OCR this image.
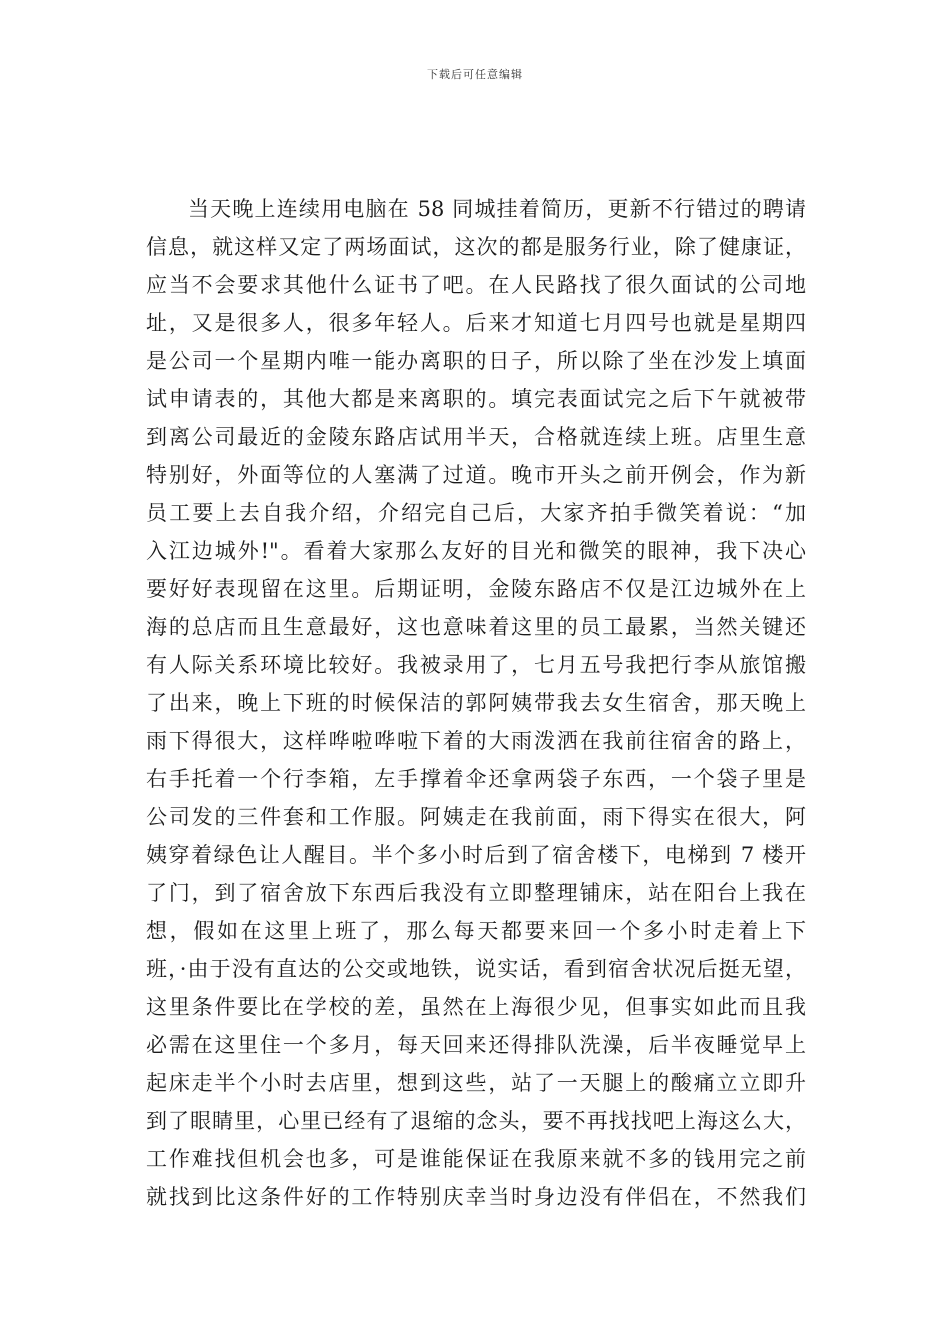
下载后可任意编辑
当天晚上连续用电脑在 58 同城挂着简历，更新不行错过的聘请
信息，就这样又定了两场面试，这次的都是服务行业，除了健康证，
应当不会要求其他什么证书了吧。在人民路找了很久面试的公司地
址，又是很多人，很多年轻人。后来才知道七月四号也就是星期四
是公司一个星期内唯一能办离职的日子，所以除了坐在沙发上填面
试申请表的，其他大都是来离职的。填完表面试完之后下午就被带
到离公司最近的金陵东路店试用半天，合格就连续上班。店里生意
特别好，外面等位的人塞满了过道。晚市开头之前开例会，作为新
员工要上去自我介绍，介绍完自己后，大家齐拍手微笑着说：“加
入江边城外!"。看着大家那么友好的目光和微笑的眼神，我下决心
要好好表现留在这里。后期证明，金陵东路店不仅是江边城外在上
海的总店而且生意最好，这也意味着这里的员工最累，当然关键还
有人际关系环境比较好。我被录用了，七月五号我把行李从旅馆搬
了出来，晚上下班的时候保洁的郭阿姨带我去女生宿舍，那天晚上
雨下得很大，这样哗啦哗啦下着的大雨泼洒在我前往宿舍的路上，
右手托着一个行李箱，左手撑着伞还拿两袋子东西，一个袋子里是
公司发的三件套和工作服。阿姨走在我前面，雨下得实在很大，阿
姨穿着绿色让人醒目。半个多小时后到了宿舍楼下，电梯到 7 楼开
了门，到了宿舍放下东西后我没有立即整理铺床，站在阳台上我在
想，假如在这里上班了，那么每天都要来回一个多小时走着上下
班，·由于没有直达的公交或地铁，说实话，看到宿舍状况后挺无望，
这里条件要比在学校的差，虽然在上海很少见，但事实如此而且我
必需在这里住一个多月，每天回来还得排队洗澡，后半夜睡觉早上
起床走半个小时去店里，想到这些，站了一天腿上的酸痛立立即升
到了眼睛里，心里已经有了退缩的念头，要不再找找吧上海这么大，
工作难找但机会也多，可是谁能保证在我原来就不多的钱用完之前
就找到比这条件好的工作特别庆幸当时身边没有伴侣在，不然我们
